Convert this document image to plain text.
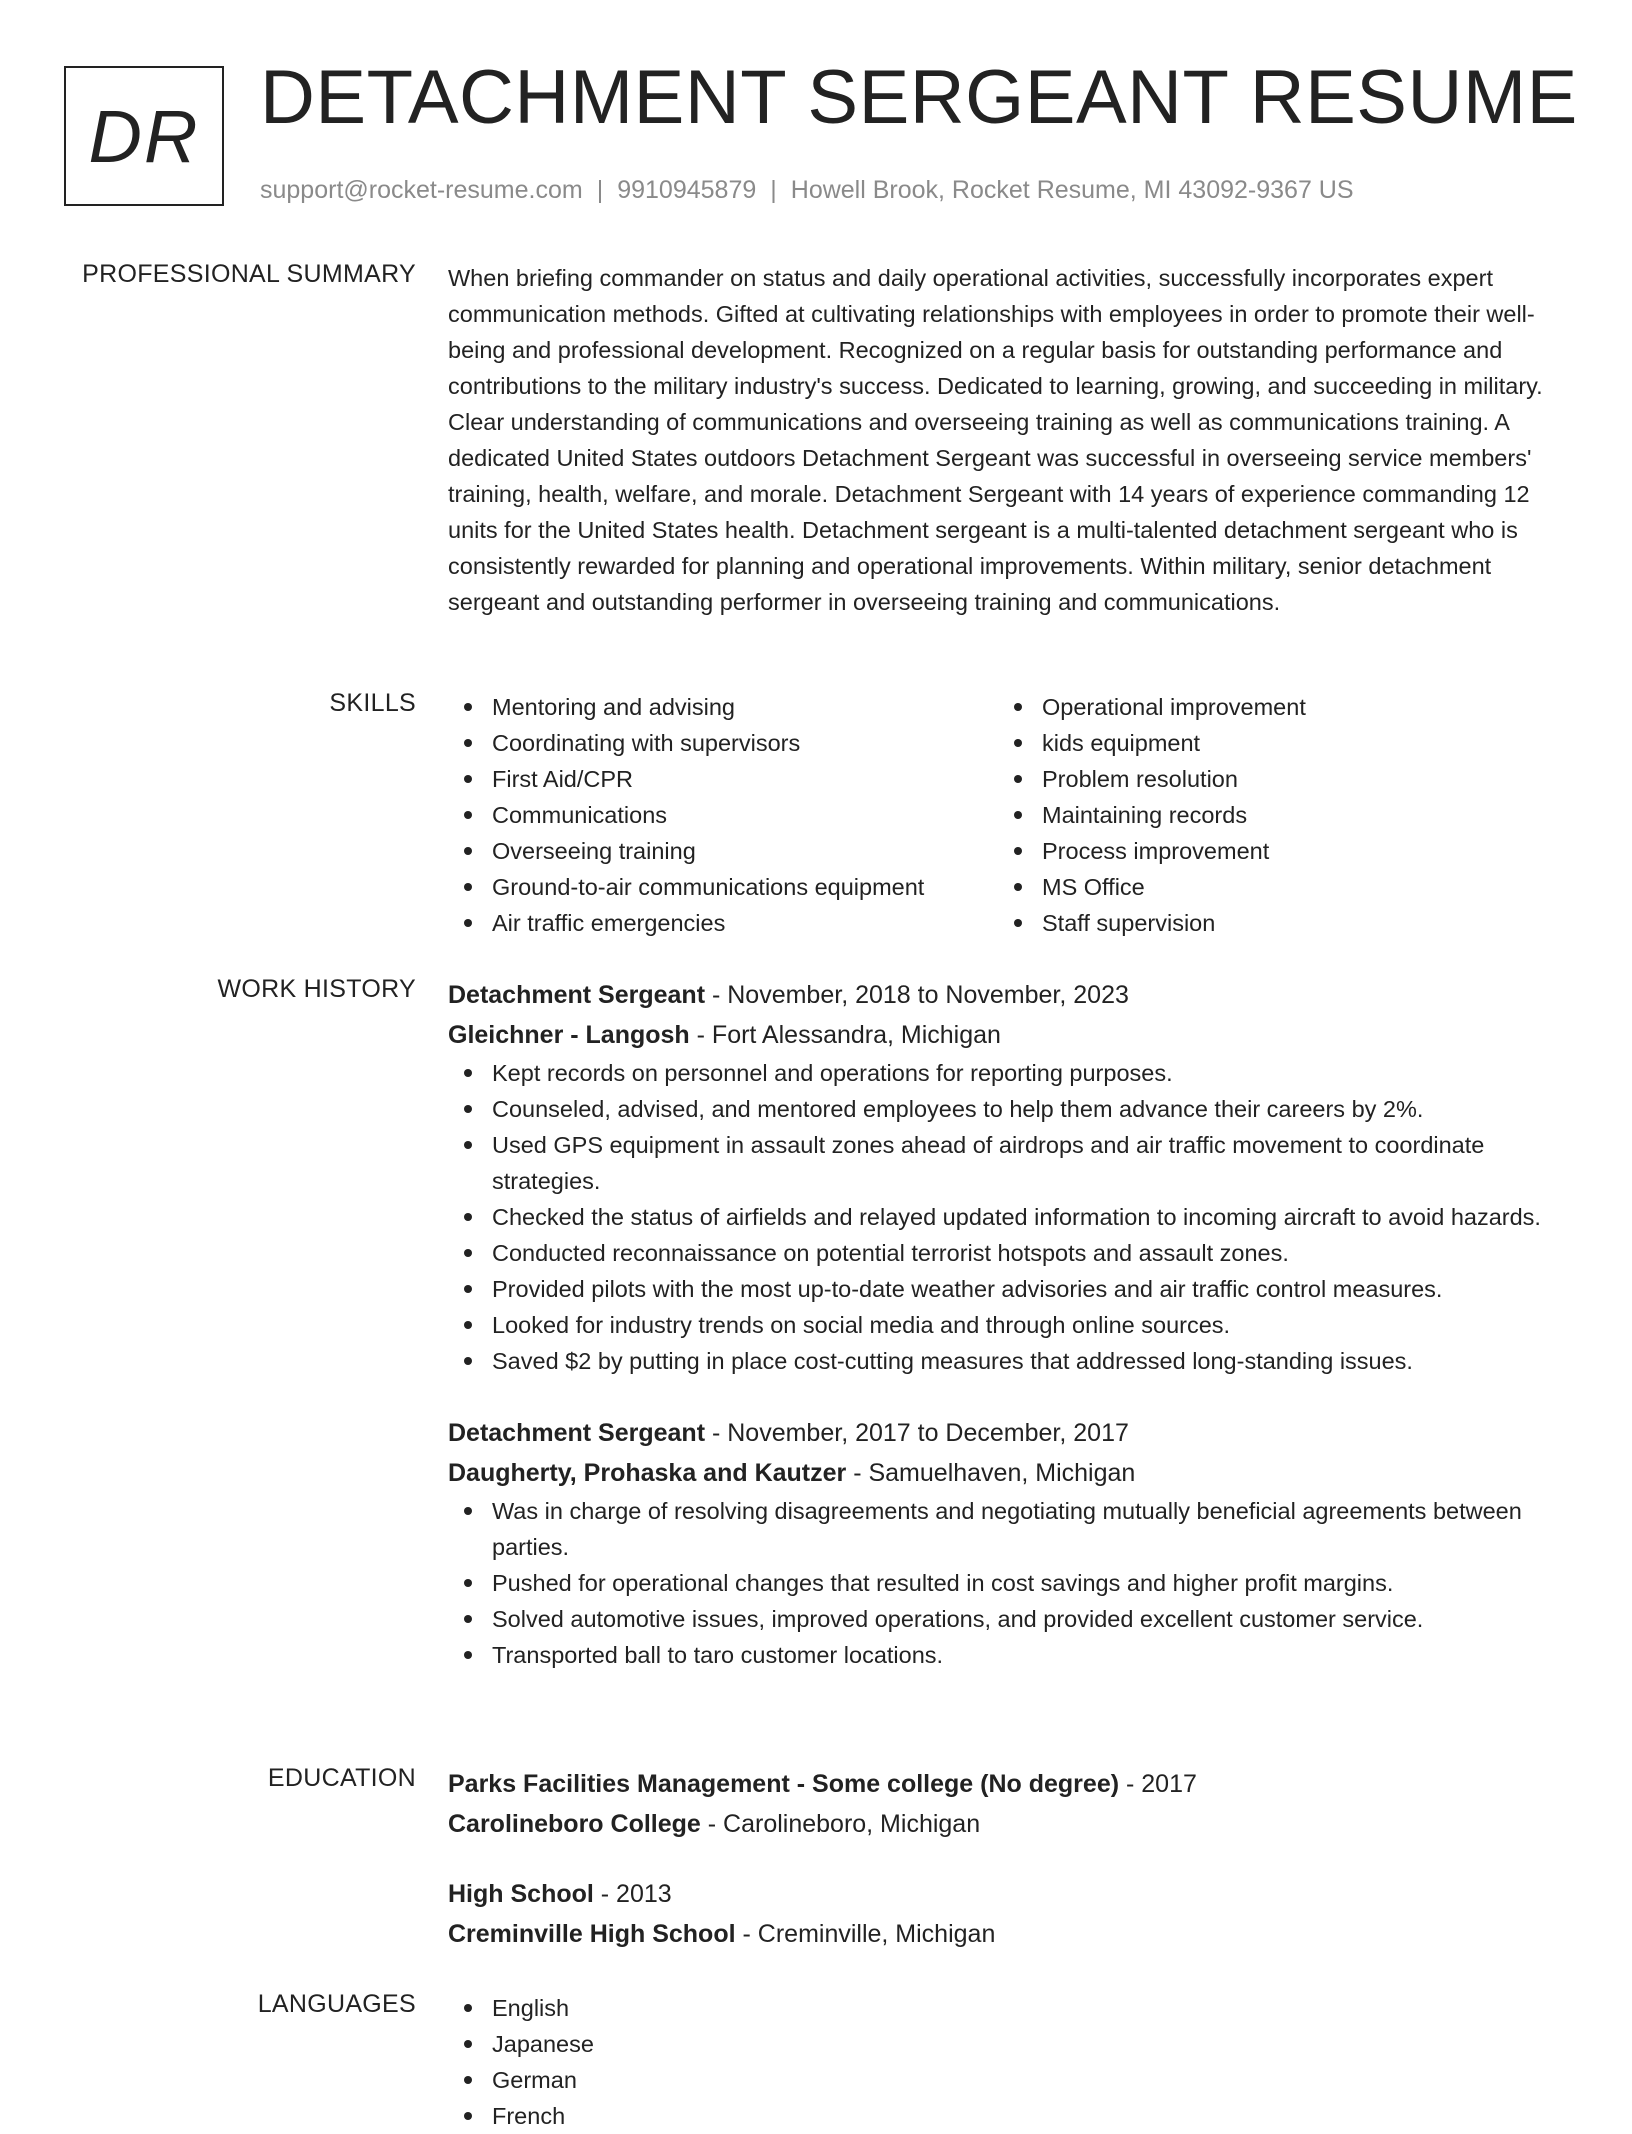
DR DETACHMENT SERGEANT RESUME
support@rocket-resume.com | 9910945879 | Howell Brook, Rocket Resume, MI 43092-9367 US
PROFESSIONAL SUMMARY When briefing commander on status and daily operational activities, successfully incorporates expert communication methods. Gifted at cultivating relationships with employees in order to promote their well-being and professional development. Recognized on a regular basis for outstanding performance and contributions to the military industry's success. Dedicated to learning, growing, and succeeding in military. Clear understanding of communications and overseeing training as well as communications training. A dedicated United States outdoors Detachment Sergeant was successful in overseeing service members' training, health, welfare, and morale. Detachment Sergeant with 14 years of experience commanding 12 units for the United States health. Detachment sergeant is a multi-talented detachment sergeant who is consistently rewarded for planning and operational improvements. Within military, senior detachment sergeant and outstanding performer in overseeing training and communications.

SKILLS	Mentoring and advising
Coordinating with supervisors
First Aid/CPR
Communications
Overseeing training
Ground-to-air communications equipment
Air traffic emergencies
Operational improvement
kids equipment
Problem resolution
Maintaining records
Process improvement
MS Office
Staff supervision
WORK HISTORY Detachment Sergeant - November, 2018 to November, 2023
Gleichner - Langosh - Fort Alessandra, Michigan
Kept records on personnel and operations for reporting purposes.
Counseled, advised, and mentored employees to help them advance their careers by 2%.
Used GPS equipment in assault zones ahead of airdrops and air traffic movement to coordinate strategies.
Checked the status of airfields and relayed updated information to incoming aircraft to avoid hazards.
Conducted reconnaissance on potential terrorist hotspots and assault zones.
Provided pilots with the most up-to-date weather advisories and air traffic control measures.
Looked for industry trends on social media and through online sources.
Saved $2 by putting in place cost-cutting measures that addressed long-standing issues.
Detachment Sergeant - November, 2017 to December, 2017
Daugherty, Prohaska and Kautzer - Samuelhaven, Michigan
Was in charge of resolving disagreements and negotiating mutually beneficial agreements between parties.
Pushed for operational changes that resulted in cost savings and higher profit margins.
Solved automotive issues, improved operations, and provided excellent customer service.
Transported ball to taro customer locations.
EDUCATION Parks Facilities Management - Some college (No degree) - 2017
Carolineboro College - Carolineboro, Michigan
High School - 2013
Creminville High School - Creminville, Michigan
LANGUAGES	English
Japanese
German
French
